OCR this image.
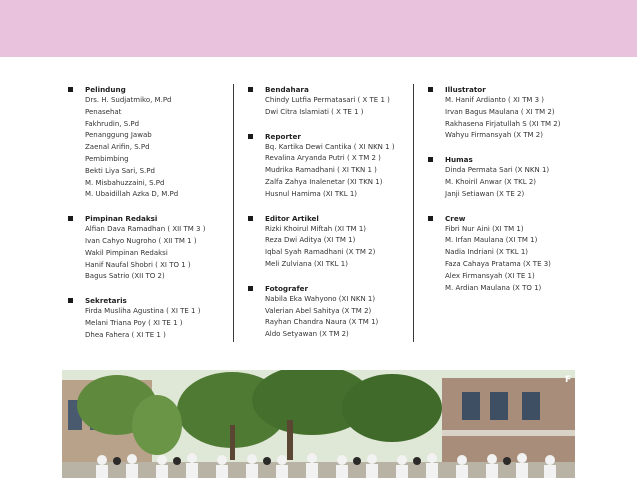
Pelindung
Drs. H. Sudjatmiko, M.Pd
Penasehat
Fakhrudin, S.Pd
Penanggung Jawab
Zaenal Arifin, S.Pd
Pembimbing
Bekti Liya Sari, S.Pd
M. Misbahuzzaini, S.Pd
M. Ubaidillah Azka D, M.Pd
Pimpinan Redaksi
Alfian Dava Ramadhan ( XII TM 3 )
Ivan Cahyo Nugroho ( XII TM 1 )
Wakil Pimpinan Redaksi
Hanif Naufal Shobri ( XI TO 1 )
Bagus Satrio (XII TO 2)
Sekretaris
Firda Musliha Agustina ( XI TE 1 )
Melani Triana Poy ( XI TE 1 )
Dhea Fahera ( XI TE 1 )
Bendahara
Chindy Lutfia Permatasari ( X TE 1 )
Dwi Citra Islamiati ( X TE 1 )
Reporter
Bq. Kartika Dewi Cantika ( XI NKN 1 )
Revalina Aryanda Putri ( X TM 2 )
Mudrika Ramadhani ( XI TKN 1 )
Zalfa Zahya Inalenetar (XI TKN 1)
Husnul Hamima (XI TKL 1)
Editor Artikel
Rizki Khoirul Miftah (XI TM 1)
Reza Dwi Aditya (XI TM 1)
Iqbal Syah Ramadhani (X TM 2)
Meli Zulviana (XI TKL 1)
Fotografer
Nabila Eka Wahyono (XI NKN 1)
Valerian Abel Sahitya (X TM 2)
Rayhan Chandra Naura (X TM 1)
Aldo Setyawan (X TM 2)
Illustrator
M. Hanif Ardianto ( XI TM 3 )
Irvan Bagus Maulana ( XI TM 2)
Rakhasena Firjatullah S (XI TM 2)
Wahyu Firmansyah (X TM 2)
Humas
Dinda Permata Sari (X NKN 1)
M. Khoiril Anwar (X TKL 2)
Janji Setiawan (X TE 2)
Crew
Fibri Nur Aini (XI TM 1)
M. Irfan Maulana (XI TM 1)
Nadia Indriani (X TKL 1)
Faza Cahaya Pratama (X TE 3)
Alex Firmansyah (XI TE 1)
M. Ardian Maulana (X TO 1)
F
